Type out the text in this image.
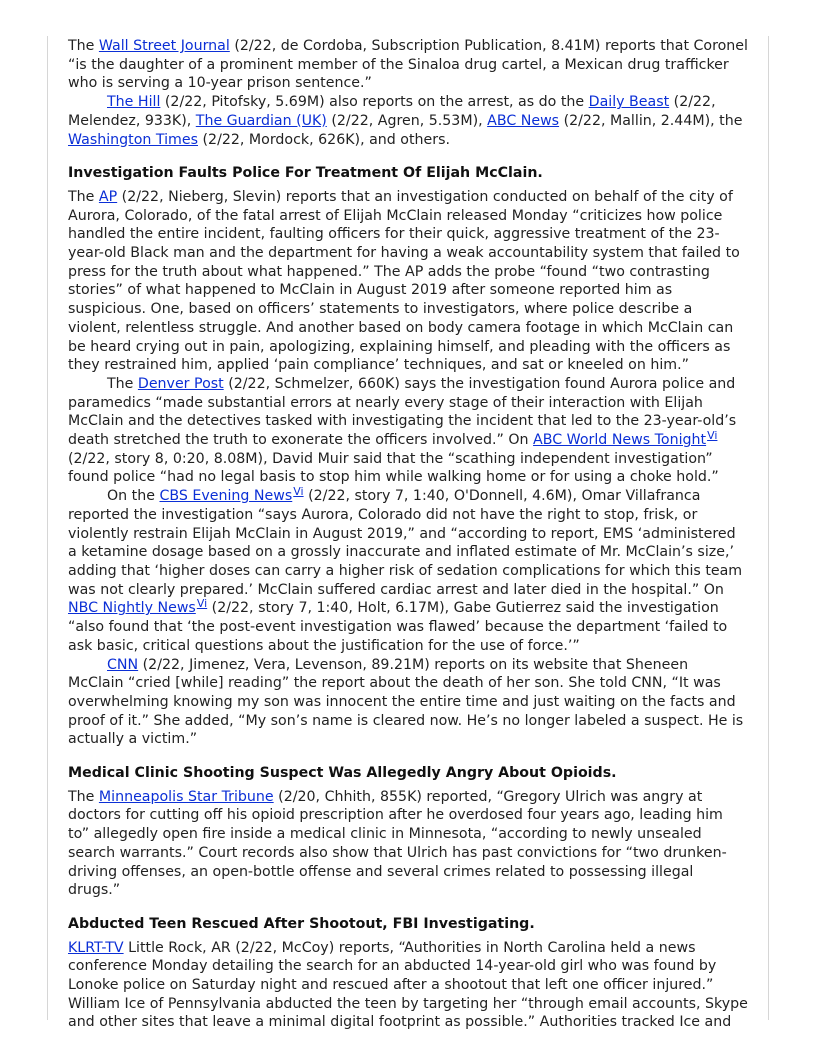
The Wall Street Journal (2/22, de Cordoba, Subscription Publication, 8.41M) reports that Coronel “is the daughter of a prominent member of the Sinaloa drug cartel, a Mexican drug trafficker who is serving a 10-year prison sentence.”

The Hill (2/22, Pitofsky, 5.69M) also reports on the arrest, as do the Daily Beast (2/22, Melendez, 933K), The Guardian (UK) (2/22, Agren, 5.53M), ABC News (2/22, Mallin, 2.44M), the Washington Times (2/22, Mordock, 626K), and others.

Investigation Faults Police For Treatment Of Elijah McClain.

The AP (2/22, Nieberg, Slevin) reports that an investigation conducted on behalf of the city of Aurora, Colorado, of the fatal arrest of Elijah McClain released Monday “criticizes how police handled the entire incident, faulting officers for their quick, aggressive treatment of the 23-year-old Black man and the department for having a weak accountability system that failed to press for the truth about what happened.” The AP adds the probe “found “two contrasting stories” of what happened to McClain in August 2019 after someone reported him as suspicious. One, based on officers’ statements to investigators, where police describe a violent, relentless struggle. And another based on body camera footage in which McClain can be heard crying out in pain, apologizing, explaining himself, and pleading with the officers as they restrained him, applied ‘pain compliance’ techniques, and sat or kneeled on him.”

The Denver Post (2/22, Schmelzer, 660K) says the investigation found Aurora police and paramedics “made substantial errors at nearly every stage of their interaction with Elijah McClain and the detectives tasked with investigating the incident that led to the 23-year-old’s death stretched the truth to exonerate the officers involved.” On ABC World News Tonight$^{Vi}$ (2/22, story 8, 0:20, 8.08M), David Muir said that the “scathing independent investigation” found police “had no legal basis to stop him while walking home or for using a choke hold.”

On the CBS Evening News$^{Vi}$ (2/22, story 7, 1:40, O'Donnell, 4.6M), Omar Villafranca reported the investigation “says Aurora, Colorado did not have the right to stop, frisk, or violently restrain Elijah McClain in August 2019,” and “according to report, EMS ‘administered a ketamine dosage based on a grossly inaccurate and inflated estimate of Mr. McClain’s size,’ adding that ‘higher doses can carry a higher risk of sedation complications for which this team was not clearly prepared.’ McClain suffered cardiac arrest and later died in the hospital.” On NBC Nightly News$^{Vi}$ (2/22, story 7, 1:40, Holt, 6.17M), Gabe Gutierrez said the investigation “also found that ‘the post-event investigation was flawed’ because the department ‘failed to ask basic, critical questions about the justification for the use of force.’”

CNN (2/22, Jimenez, Vera, Levenson, 89.21M) reports on its website that Sheneen McClain “cried [while] reading” the report about the death of her son. She told CNN, “It was overwhelming knowing my son was innocent the entire time and just waiting on the facts and proof of it.” She added, “My son’s name is cleared now. He’s no longer labeled a suspect. He is actually a victim.”

Medical Clinic Shooting Suspect Was Allegedly Angry About Opioids.

The Minneapolis Star Tribune (2/20, Chhith, 855K) reported, “Gregory Ulrich was angry at doctors for cutting off his opioid prescription after he overdosed four years ago, leading him to” allegedly open fire inside a medical clinic in Minnesota, “according to newly unsealed search warrants.” Court records also show that Ulrich has past convictions for “two drunken-driving offenses, an open-bottle offense and several crimes related to possessing illegal drugs.”

Abducted Teen Rescued After Shootout, FBI Investigating.

KLRT-TV Little Rock, AR (2/22, McCoy) reports, “Authorities in North Carolina held a news conference Monday detailing the search for an abducted 14-year-old girl who was found by Lonoke police on Saturday night and rescued after a shootout that left one officer injured.” William Ice of Pennsylvania abducted the teen by targeting her “through email accounts, Skype and other sites that leave a minimal digital footprint as possible.” Authorities tracked Ice and
